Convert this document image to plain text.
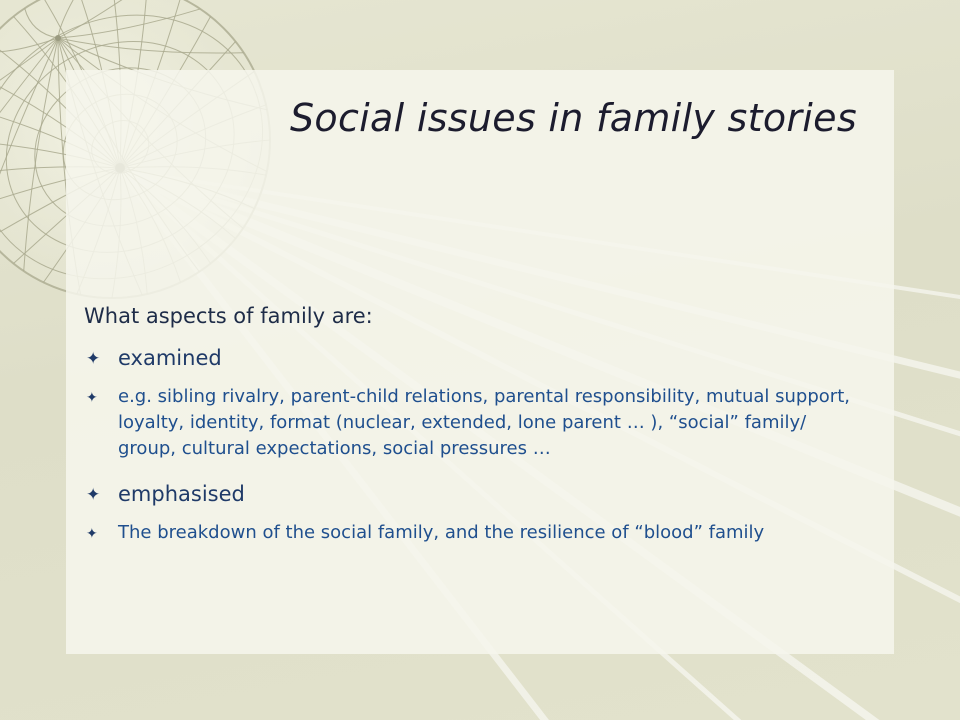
Social issues in family stories

What aspects of family are:

✦ examined
✦ e.g. sibling rivalry, parent-child relations, parental responsibility, mutual support, loyalty, identity, format (nuclear, extended, lone parent … ), “social” family/ group, cultural expectations, social pressures …
✦ emphasised
✦ The breakdown of the social family, and the resilience of “blood” family
